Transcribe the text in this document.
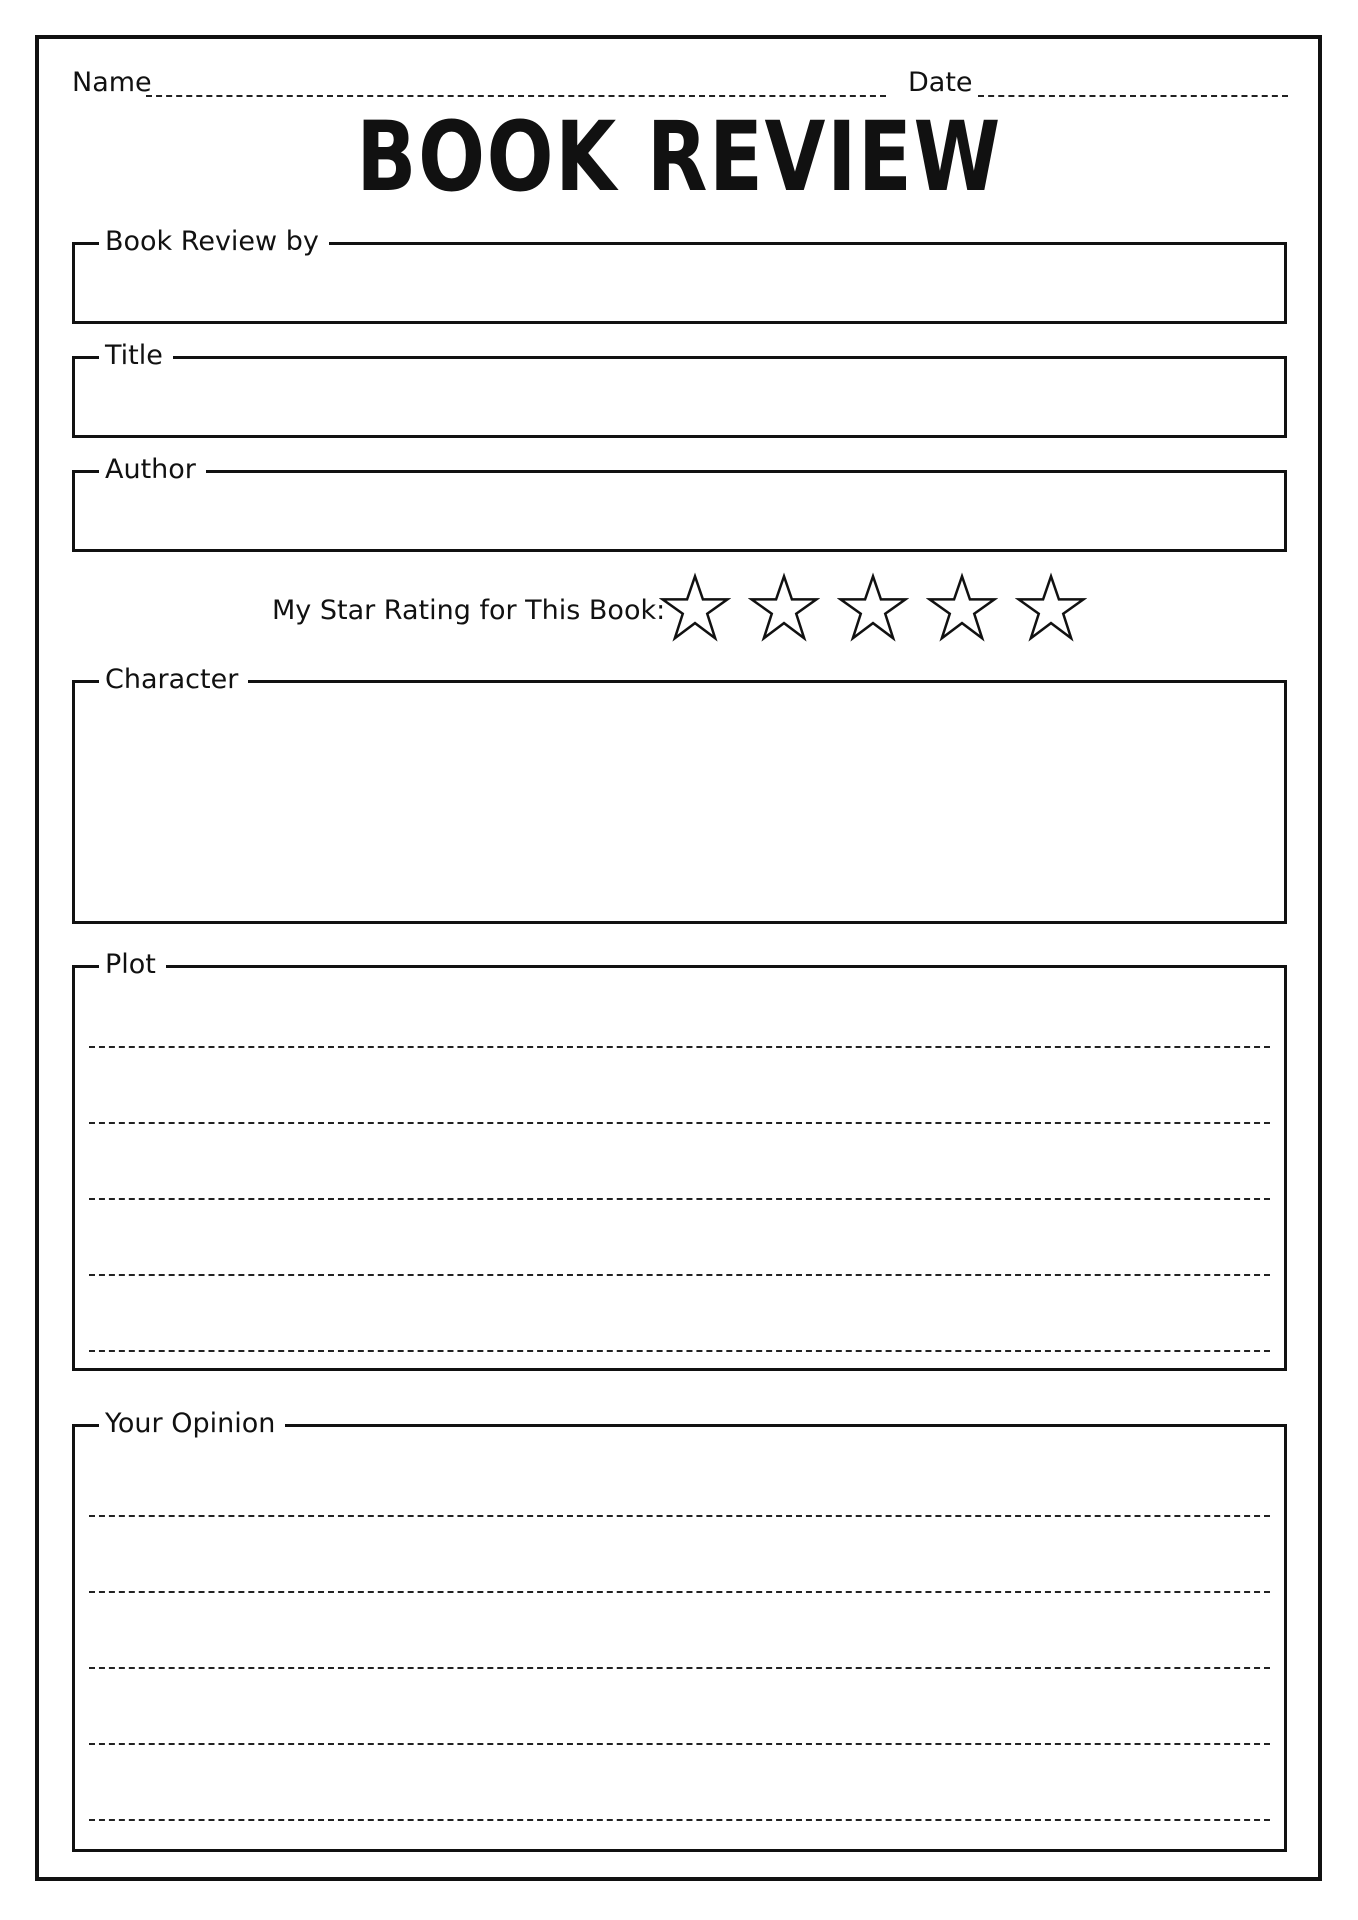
Name	Date
BOOK REVIEW
Book Review by
Title
Author
My Star Rating for This Book:
Character
Plot
Your Opinion
